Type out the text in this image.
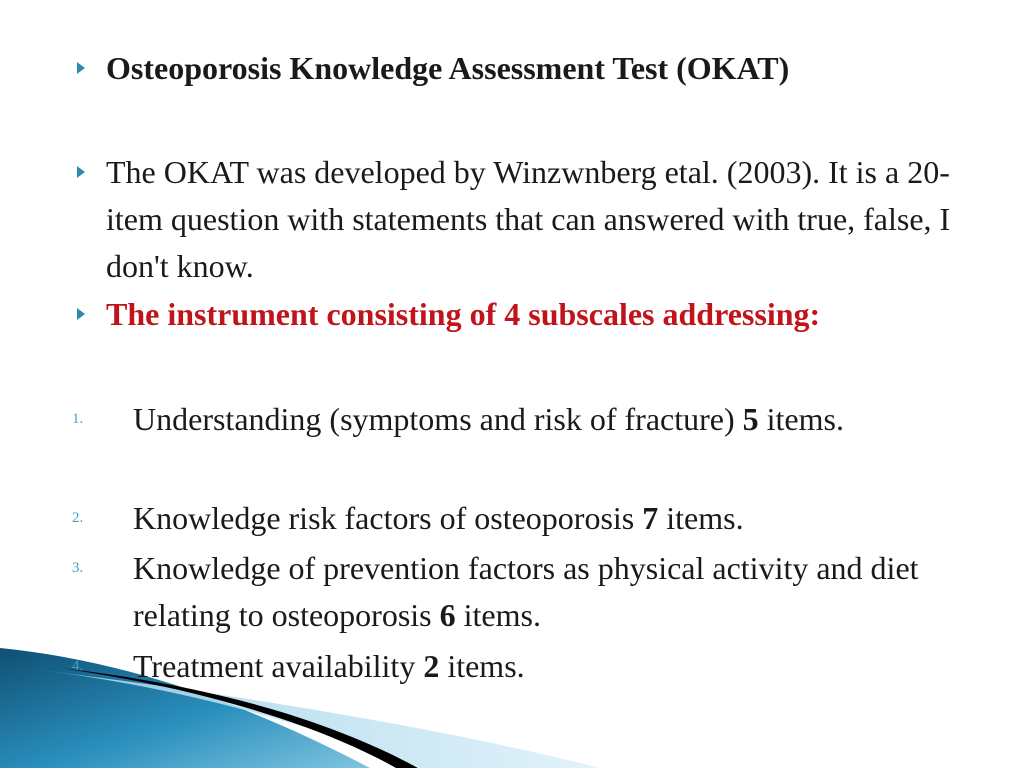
Osteoporosis Knowledge Assessment Test (OKAT)
The OKAT was developed by Winzwnberg etal. (2003). It is a 20-item question with statements that can answered with true, false, I don't know.
The instrument consisting of 4 subscales addressing:
1. Understanding (symptoms and risk of fracture) 5 items.
2. Knowledge risk factors of osteoporosis 7 items.
3. Knowledge of prevention factors as physical activity and diet relating to osteoporosis 6 items.
4. Treatment availability 2 items.
